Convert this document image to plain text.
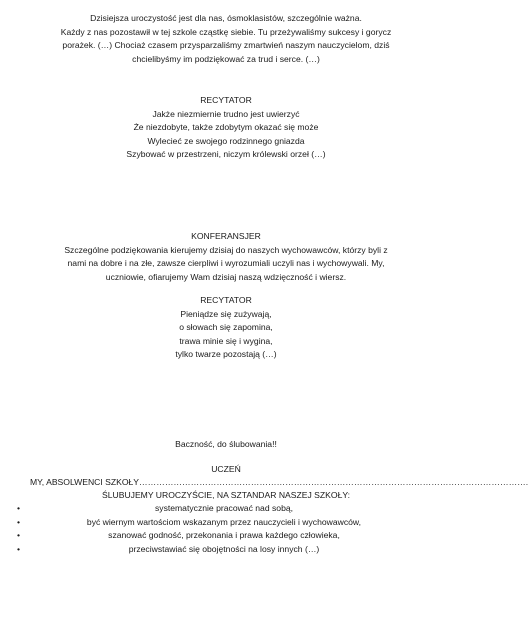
Dzisiejsza uroczystość jest dla nas, ósmoklasistów, szczególnie ważna.

Każdy z nas pozostawił w tej szkole cząstkę siebie. Tu przeżywaliśmy sukcesy i gorycz

porażek. (…) Chociaż czasem przysparzaliśmy zmartwień naszym nauczycielom, dziś

chcielibyśmy im podziękować za trud i serce. (…)

RECYTATOR

Jakże niezmiernie trudno jest uwierzyć

Że niezdobyte, także zdobytym okazać się może

Wylecieć ze swojego rodzinnego gniazda

Szybować w przestrzeni, niczym królewski orzeł (…)

KONFERANSJER

Szczególne podziękowania kierujemy dzisiaj do naszych wychowawców, którzy byli z

nami na dobre i na złe, zawsze cierpliwi i wyrozumiali uczyli nas i wychowywali. My,

uczniowie, ofiarujemy Wam dzisiaj naszą wdzięczność i wiersz.

RECYTATOR

Pieniądze się zużywają,

o słowach się zapomina,

trawa minie się i wygina,

tylko twarze pozostają (…)

Baczność, do ślubowania!!

UCZEŃ

MY, ABSOLWENCI SZKOŁY……………………………………………………………………………………………………………………….

ŚLUBUJEMY UROCZYŚCIE, NA SZTANDAR NASZEJ SZKOŁY:

•	systematycznie pracować nad sobą,
•	być wiernym wartościom wskazanym przez nauczycieli i wychowawców,
•	szanować godność, przekonania i prawa każdego człowieka,
•	przeciwstawiać się obojętności na losy innych (…)
